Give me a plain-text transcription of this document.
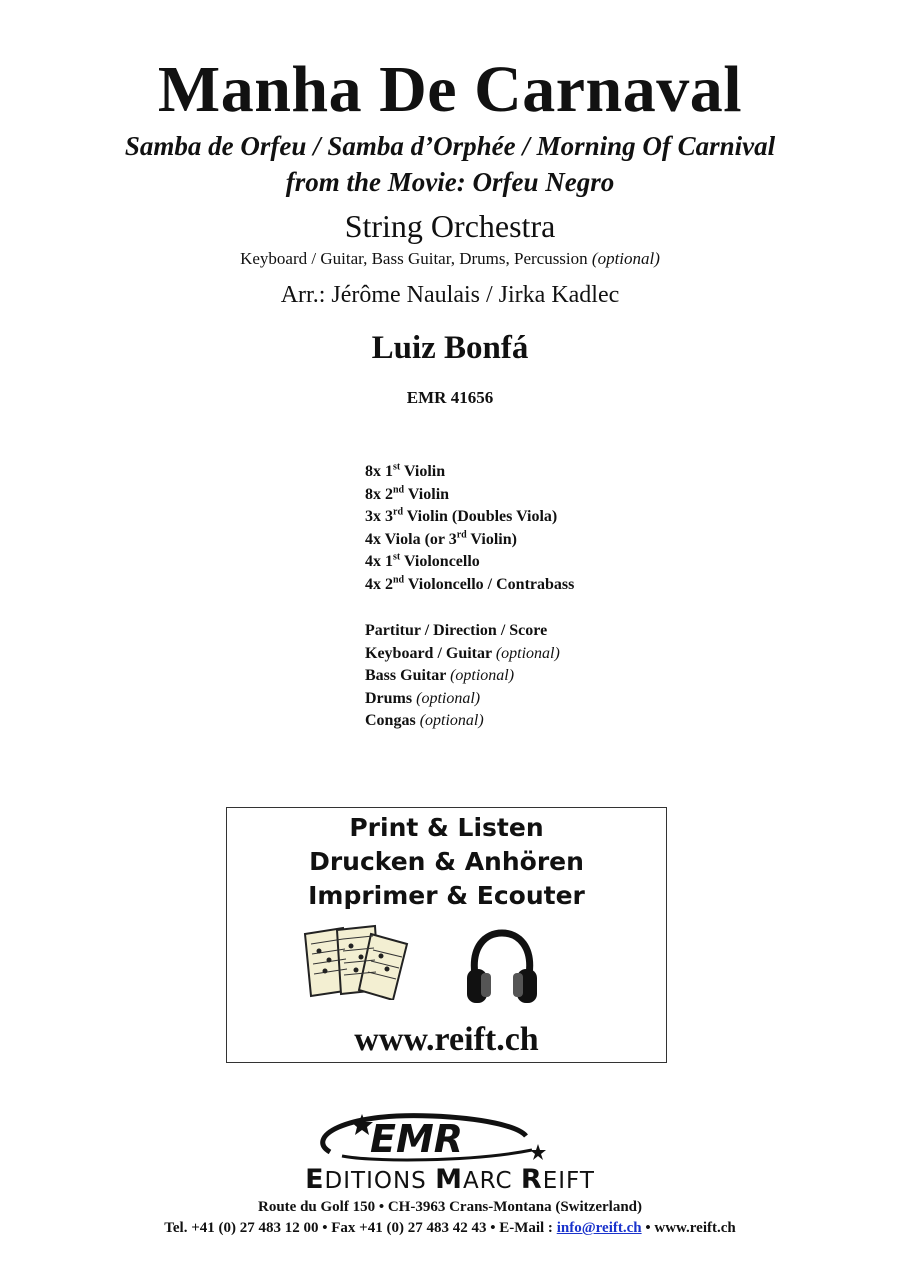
Manha De Carnaval
Samba de Orfeu / Samba d’Orphée / Morning Of Carnival
from the Movie: Orfeu Negro
String Orchestra
Keyboard / Guitar, Bass Guitar, Drums, Percussion (optional)
Arr.: Jérôme Naulais / Jirka Kadlec
Luiz Bonfá
EMR 41656
8x 1st Violin
8x 2nd Violin
3x 3rd Violin (Doubles Viola)
4x Viola (or 3rd Violin)
4x 1st Violoncello
4x 2nd Violoncello / Contrabass
Partitur / Direction / Score
Keyboard / Guitar (optional)
Bass Guitar (optional)
Drums (optional)
Congas (optional)
Print & Listen
Drucken & Anhören
Imprimer & Ecouter
www.reift.ch
EMR
EDITIONS MARC REIFT
Route du Golf 150 • CH-3963 Crans-Montana (Switzerland)
Tel. +41 (0) 27 483 12 00 • Fax +41 (0) 27 483 42 43 • E-Mail : info@reift.ch • www.reift.ch
